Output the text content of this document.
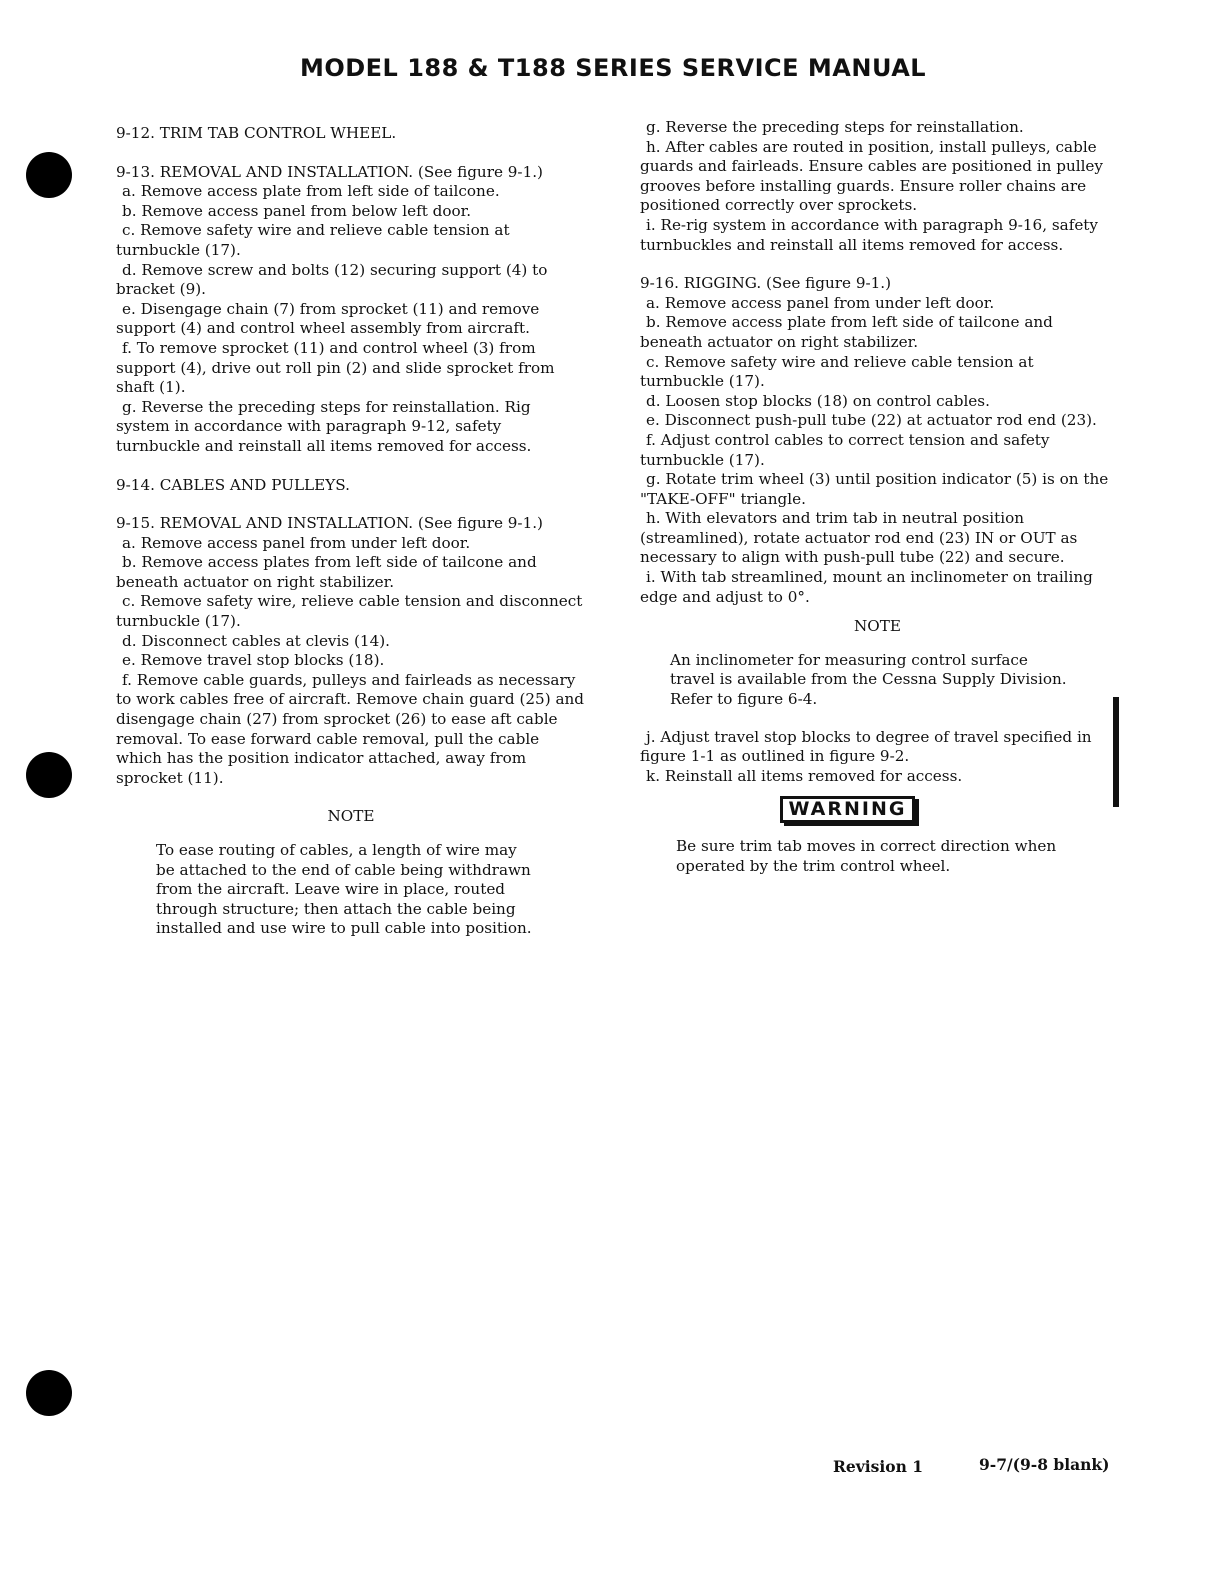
MODEL 188 & T188 SERIES SERVICE MANUAL

9-12. TRIM TAB CONTROL WHEEL.

9-13. REMOVAL AND INSTALLATION. (See figure 9-1.)

a. Remove access plate from left side of tailcone.

b. Remove access panel from below left door.

c. Remove safety wire and relieve cable tension at turnbuckle (17).

d. Remove screw and bolts (12) securing support (4) to bracket (9).

e. Disengage chain (7) from sprocket (11) and remove support (4) and control wheel assembly from aircraft.

f. To remove sprocket (11) and control wheel (3) from support (4), drive out roll pin (2) and slide sprocket from shaft (1).

g. Reverse the preceding steps for reinstallation. Rig system in accordance with paragraph 9-12, safety turnbuckle and reinstall all items removed for access.

9-14. CABLES AND PULLEYS.

9-15. REMOVAL AND INSTALLATION. (See figure 9-1.)

a. Remove access panel from under left door.

b. Remove access plates from left side of tailcone and beneath actuator on right stabilizer.

c. Remove safety wire, relieve cable tension and disconnect turnbuckle (17).

d. Disconnect cables at clevis (14).

e. Remove travel stop blocks (18).

f. Remove cable guards, pulleys and fairleads as necessary to work cables free of aircraft. Remove chain guard (25) and disengage chain (27) from sprocket (26) to ease aft cable removal. To ease forward cable removal, pull the cable which has the position indicator attached, away from sprocket (11).

NOTE

To ease routing of cables, a length of wire may be attached to the end of cable being withdrawn from the aircraft. Leave wire in place, routed through structure; then attach the cable being installed and use wire to pull cable into position.

g. Reverse the preceding steps for reinstallation.

h. After cables are routed in position, install pulleys, cable guards and fairleads. Ensure cables are positioned in pulley grooves before installing guards. Ensure roller chains are positioned correctly over sprockets.

i. Re-rig system in accordance with paragraph 9-16, safety turnbuckles and reinstall all items removed for access.

9-16. RIGGING. (See figure 9-1.)

a. Remove access panel from under left door.

b. Remove access plate from left side of tailcone and beneath actuator on right stabilizer.

c. Remove safety wire and relieve cable tension at turnbuckle (17).

d. Loosen stop blocks (18) on control cables.

e. Disconnect push-pull tube (22) at actuator rod end (23).

f. Adjust control cables to correct tension and safety turnbuckle (17).

g. Rotate trim wheel (3) until position indicator (5) is on the "TAKE-OFF" triangle.

h. With elevators and trim tab in neutral position (streamlined), rotate actuator rod end (23) IN or OUT as necessary to align with push-pull tube (22) and secure.

i. With tab streamlined, mount an inclinometer on trailing edge and adjust to 0°.

NOTE

An inclinometer for measuring control surface travel is available from the Cessna Supply Division. Refer to figure 6-4.

j. Adjust travel stop blocks to degree of travel specified in figure 1-1 as outlined in figure 9-2.

k. Reinstall all items removed for access.

WARNING

Be sure trim tab moves in correct direction when operated by the trim control wheel.

Revision 1	9-7/(9-8 blank)
